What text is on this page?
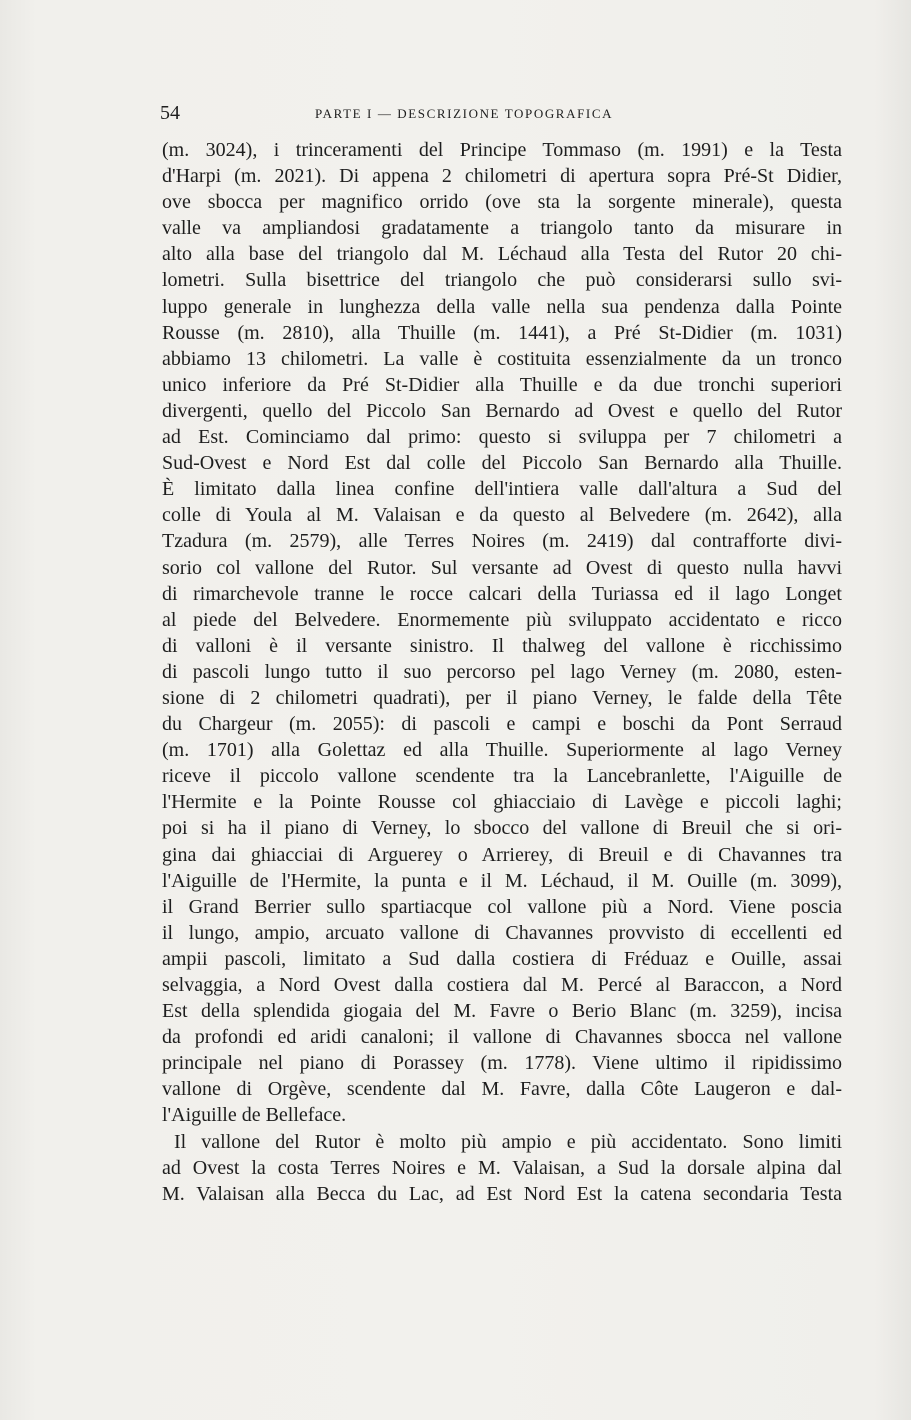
54	PARTE I — DESCRIZIONE TOPOGRAFICA
(m. 3024), i trinceramenti del Principe Tommaso (m. 1991) e la Testa
d'Harpi (m. 2021). Di appena 2 chilometri di apertura sopra Pré-St Didier,
ove sbocca per magnifico orrido (ove sta la sorgente minerale), questa
valle va ampliandosi gradatamente a triangolo tanto da misurare in
alto alla base del triangolo dal M. Léchaud alla Testa del Rutor 20 chi-
lometri. Sulla bisettrice del triangolo che può considerarsi sullo svi-
luppo generale in lunghezza della valle nella sua pendenza dalla Pointe
Rousse (m. 2810), alla Thuille (m. 1441), a Pré St-Didier (m. 1031)
abbiamo 13 chilometri. La valle è costituita essenzialmente da un tronco
unico inferiore da Pré St-Didier alla Thuille e da due tronchi superiori
divergenti, quello del Piccolo San Bernardo ad Ovest e quello del Rutor
ad Est. Cominciamo dal primo: questo si sviluppa per 7 chilometri a
Sud-Ovest e Nord Est dal colle del Piccolo San Bernardo alla Thuille.
È limitato dalla linea confine dell'intiera valle dall'altura a Sud del
colle di Youla al M. Valaisan e da questo al Belvedere (m. 2642), alla
Tzadura (m. 2579), alle Terres Noires (m. 2419) dal contrafforte divi-
sorio col vallone del Rutor. Sul versante ad Ovest di questo nulla havvi
di rimarchevole tranne le rocce calcari della Turiassa ed il lago Longet
al piede del Belvedere. Enormemente più sviluppato accidentato e ricco
di valloni è il versante sinistro. Il thalweg del vallone è ricchissimo
di pascoli lungo tutto il suo percorso pel lago Verney (m. 2080, esten-
sione di 2 chilometri quadrati), per il piano Verney, le falde della Tête
du Chargeur (m. 2055): di pascoli e campi e boschi da Pont Serraud
(m. 1701) alla Golettaz ed alla Thuille. Superiormente al lago Verney
riceve il piccolo vallone scendente tra la Lancebranlette, l'Aiguille de
l'Hermite e la Pointe Rousse col ghiacciaio di Lavège e piccoli laghi;
poi si ha il piano di Verney, lo sbocco del vallone di Breuil che si ori-
gina dai ghiacciai di Arguerey o Arrierey, di Breuil e di Chavannes tra
l'Aiguille de l'Hermite, la punta e il M. Léchaud, il M. Ouille (m. 3099),
il Grand Berrier sullo spartiacque col vallone più a Nord. Viene poscia
il lungo, ampio, arcuato vallone di Chavannes provvisto di eccellenti ed
ampii pascoli, limitato a Sud dalla costiera di Fréduaz e Ouille, assai
selvaggia, a Nord Ovest dalla costiera dal M. Percé al Baraccon, a Nord
Est della splendida giogaia del M. Favre o Berio Blanc (m. 3259), incisa
da profondi ed aridi canaloni; il vallone di Chavannes sbocca nel vallone
principale nel piano di Porassey (m. 1778). Viene ultimo il ripidissimo
vallone di Orgève, scendente dal M. Favre, dalla Côte Laugeron e dal-
l'Aiguille de Belleface.
Il vallone del Rutor è molto più ampio e più accidentato. Sono limiti
ad Ovest la costa Terres Noires e M. Valaisan, a Sud la dorsale alpina dal
M. Valaisan alla Becca du Lac, ad Est Nord Est la catena secondaria Testa
